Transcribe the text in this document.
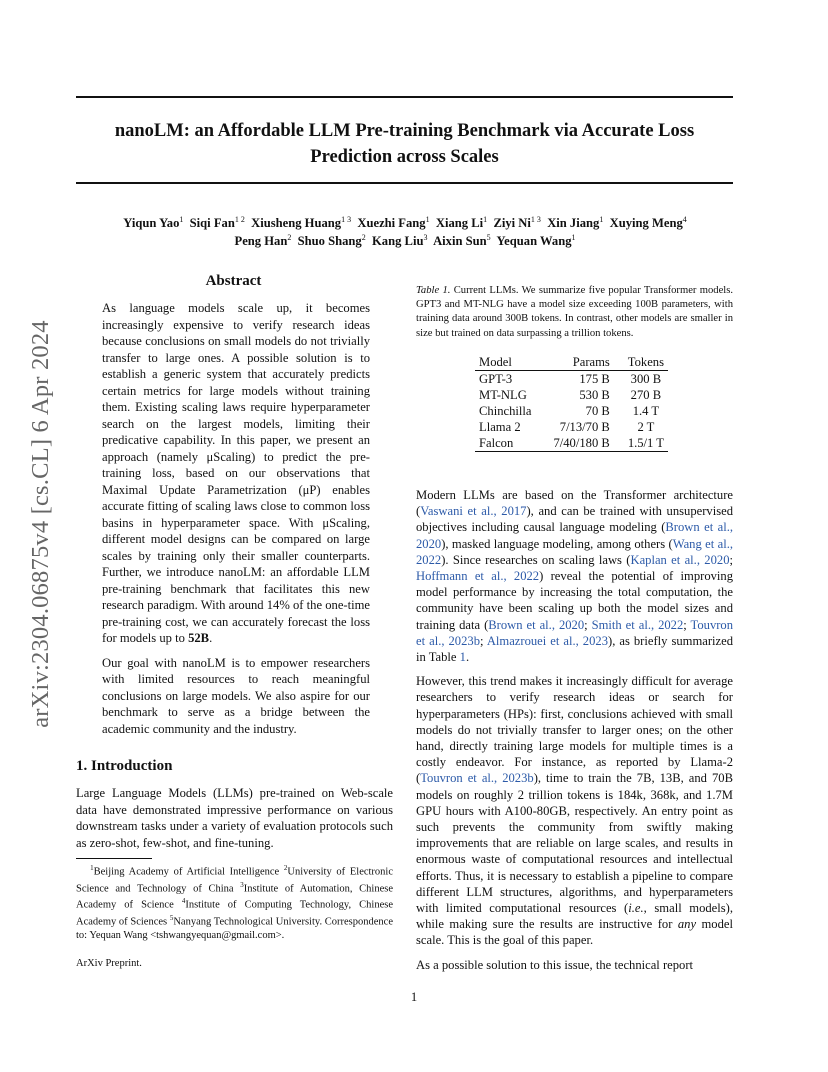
nanoLM: an Affordable LLM Pre-training Benchmark via Accurate Loss
Prediction across Scales
Yiqun Yao$^1$ Siqi Fan$^{1 2}$ Xiusheng Huang$^{1 3}$ Xuezhi Fang$^1$ Xiang Li$^1$ Ziyi $Ni^{1 3}$ Xin Jiang$^1$ Xuying Meng$^4$
Peng Han$^2$ Shuo Shang$^2$ Kang Liu$^3$ Aixin Sun$^5$ Yequan Wang$^1$
arXiv:2304.06875v4 [cs.CL] 6 Apr 2024
Abstract

As language models scale up, it becomes increasingly expensive to verify research ideas because conclusions on small models do not trivially transfer to large ones. A possible solution is to establish a generic system that accurately predicts certain metrics for large models without training them. Existing scaling laws require hyperparameter search on the largest models, limiting their predicative capability. In this paper, we present an approach (namely μScaling) to predict the pre-training loss, based on our observations that Maximal Update Parametrization (μP) enables accurate fitting of scaling laws close to common loss basins in hyperparameter space. With μScaling, different model designs can be compared on large scales by training only their smaller counterparts. Further, we introduce nanoLM: an affordable LLM pre-training benchmark that facilitates this new research paradigm. With around 14% of the one-time pre-training cost, we can accurately forecast the loss for models up to 52B.

Our goal with nanoLM is to empower researchers with limited resources to reach meaningful conclusions on large models. We also aspire for our benchmark to serve as a bridge between the academic community and the industry.

1. Introduction
Large Language Models (LLMs) pre-trained on Web-scale data have demonstrated impressive performance on various downstream tasks under a variety of evaluation protocols such as zero-shot, few-shot, and fine-tuning.
$^1$Beijing Academy of Artificial Intelligence $^2$University of Electronic Science and Technology of China $^3$Institute of Automation, Chinese Academy of Science $^4$Institute of Computing Technology, Chinese Academy of Sciences $^5$Nanyang Technological University. Correspondence to: Yequan Wang <tshwangyequan@gmail.com>.
ArXiv Preprint.
Table 1. Current LLMs. We summarize five popular Transformer models. GPT3 and MT-NLG have a model size exceeding 100B parameters, with training data around 300B tokens. In contrast, other models are smaller in size but trained on data surpassing a trillion tokens.
Model	Params	Tokens
GPT-3	175 B	300 B
MT-NLG	530 B	270 B
Chinchilla	70 B	1.4 T
Llama 2	7/13/70 B	2 T
Falcon	7/40/180 B	1.5/1 T

Modern LLMs are based on the Transformer architecture (Vaswani et al., 2017), and can be trained with unsupervised objectives including causal language modeling (Brown et al., 2020), masked language modeling, among others (Wang et al., 2022). Since researches on scaling laws (Kaplan et al., 2020; Hoffmann et al., 2022) reveal the potential of improving model performance by increasing the total computation, the community have been scaling up both the model sizes and training data (Brown et al., 2020; Smith et al., 2022; Touvron et al., 2023b; Almazrouei et al., 2023), as briefly summarized in Table 1.

However, this trend makes it increasingly difficult for average researchers to verify research ideas or search for hyperparameters (HPs): first, conclusions achieved with small models do not trivially transfer to larger ones; on the other hand, directly training large models for multiple times is a costly endeavor. For instance, as reported by Llama-2 (Touvron et al., 2023b), time to train the 7B, 13B, and 70B models on roughly 2 trillion tokens is 184k, 368k, and 1.7M GPU hours with A100-80GB, respectively. An entry point as such prevents the community from swiftly making improvements that are reliable on large scales, and results in enormous waste of computational resources and intellectual efforts. Thus, it is necessary to establish a pipeline to compare different LLM structures, algorithms, and hyperparameters with limited computational resources (i.e., small models), while making sure the results are instructive for any model scale. This is the goal of this paper.

As a possible solution to this issue, the technical report

1
